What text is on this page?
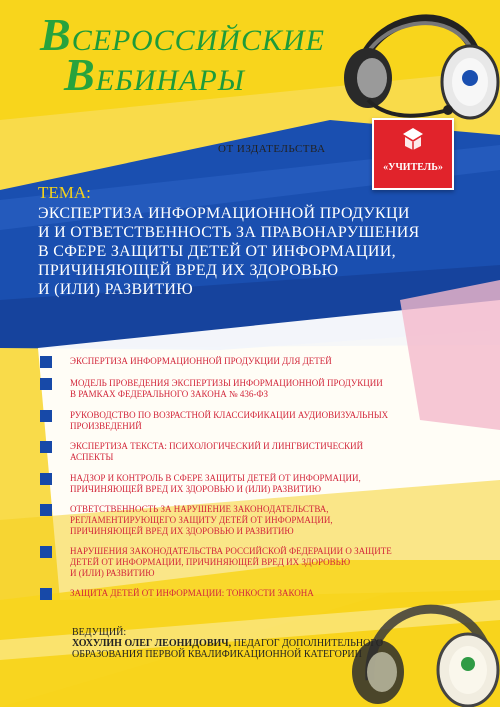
ВСЕРОССИЙСКИЕ
ВЕБИНАРЫ
ОТ ИЗДАТЕЛЬСТВА
«УЧИТЕЛЬ»
ТЕМА:
ЭКСПЕРТИЗА ИНФОРМАЦИОННОЙ ПРОДУКЦИ
И И ОТВЕТСТВЕННОСТЬ ЗА ПРАВОНАРУШЕНИЯ
В СФЕРЕ ЗАЩИТЫ ДЕТЕЙ ОТ ИНФОРМАЦИИ,
ПРИЧИНЯЮЩЕЙ ВРЕД ИХ ЗДОРОВЬЮ
И (ИЛИ) РАЗВИТИЮ
ЭКСПЕРТИЗА ИНФОРМАЦИОННОЙ ПРОДУКЦИИ ДЛЯ ДЕТЕЙ
МОДЕЛЬ ПРОВЕДЕНИЯ ЭКСПЕРТИЗЫ ИНФОРМАЦИОННОЙ ПРОДУКЦИИ
В РАМКАХ ФЕДЕРАЛЬНОГО ЗАКОНА № 436-ФЗ
РУКОВОДСТВО ПО ВОЗРАСТНОЙ КЛАССИФИКАЦИИ АУДИОВИЗУАЛЬНЫХ
ПРОИЗВЕДЕНИЙ
ЭКСПЕРТИЗА ТЕКСТА: ПСИХОЛОГИЧЕСКИЙ И ЛИНГВИСТИЧЕСКИЙ
АСПЕКТЫ
НАДЗОР И КОНТРОЛЬ В СФЕРЕ ЗАЩИТЫ ДЕТЕЙ ОТ ИНФОРМАЦИИ,
ПРИЧИНЯЮЩЕЙ ВРЕД ИХ ЗДОРОВЬЮ И (ИЛИ) РАЗВИТИЮ
ОТВЕТСТВЕННОСТЬ ЗА НАРУШЕНИЕ ЗАКОНОДАТЕЛЬСТВА,
РЕГЛАМЕНТИРУЮЩЕГО ЗАЩИТУ ДЕТЕЙ ОТ ИНФОРМАЦИИ,
ПРИЧИНЯЮЩЕЙ ВРЕД ИХ ЗДОРОВЬЮ И РАЗВИТИЮ
НАРУШЕНИЯ ЗАКОНОДАТЕЛЬСТВА РОССИЙСКОЙ ФЕДЕРАЦИИ О ЗАЩИТЕ
ДЕТЕЙ ОТ ИНФОРМАЦИИ, ПРИЧИНЯЮЩЕЙ ВРЕД ИХ ЗДОРОВЬЮ
И (ИЛИ) РАЗВИТИЮ
ЗАЩИТА ДЕТЕЙ ОТ ИНФОРМАЦИИ: ТОНКОСТИ ЗАКОНА
ВЕДУЩИЙ:
ХОХУЛИН ОЛЕГ ЛЕОНИДОВИЧ, ПЕДАГОГ ДОПОЛНИТЕЛЬНОГО
ОБРАЗОВАНИЯ ПЕРВОЙ КВАЛИФИКАЦИОННОЙ КАТЕГОРИИ
